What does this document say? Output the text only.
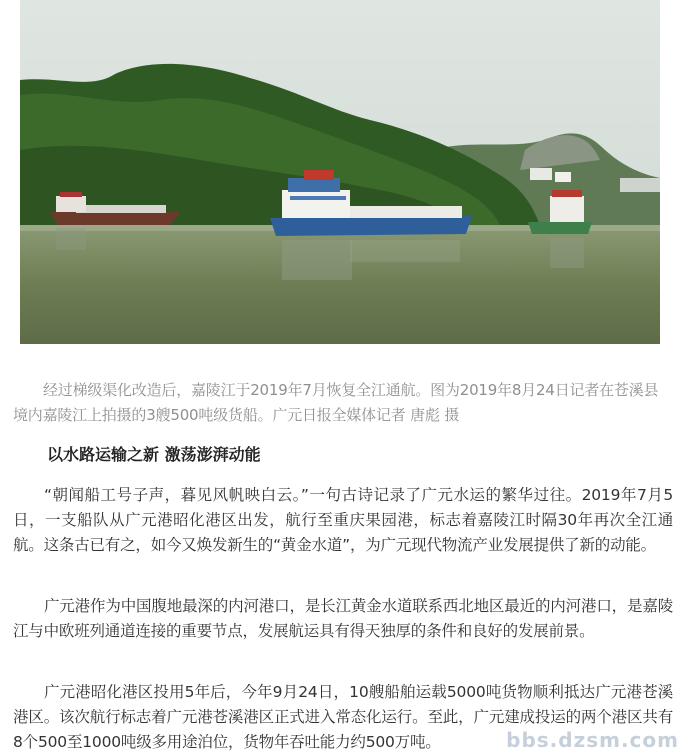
经过梯级渠化改造后，嘉陵江于2019年7月恢复全江通航。图为2019年8月24日记者在苍溪县境内嘉陵江上拍摄的3艘500吨级货船。广元日报全媒体记者 唐彪 摄

以水路运输之新 激荡澎湃动能

“朝闻船工号子声，暮见风帆映白云。”一句古诗记录了广元水运的繁华过往。2019年7月5日，一支船队从广元港昭化港区出发，航行至重庆果园港，标志着嘉陵江时隔30年再次全江通航。这条古已有之，如今又焕发新生的“黄金水道”，为广元现代物流产业发展提供了新的动能。

广元港作为中国腹地最深的内河港口，是长江黄金水道联系西北地区最近的内河港口，是嘉陵江与中欧班列通道连接的重要节点，发展航运具有得天独厚的条件和良好的发展前景。

广元港昭化港区投用5年后，今年9月24日，10艘船舶运载5000吨货物顺利抵达广元港苍溪港区。该次航行标志着广元港苍溪港区正式进入常态化运行。至此，广元建成投运的两个港区共有8个500至1000吨级多用途泊位，货物年吞吐能力约500万吨。	bbs.dzsm.com
